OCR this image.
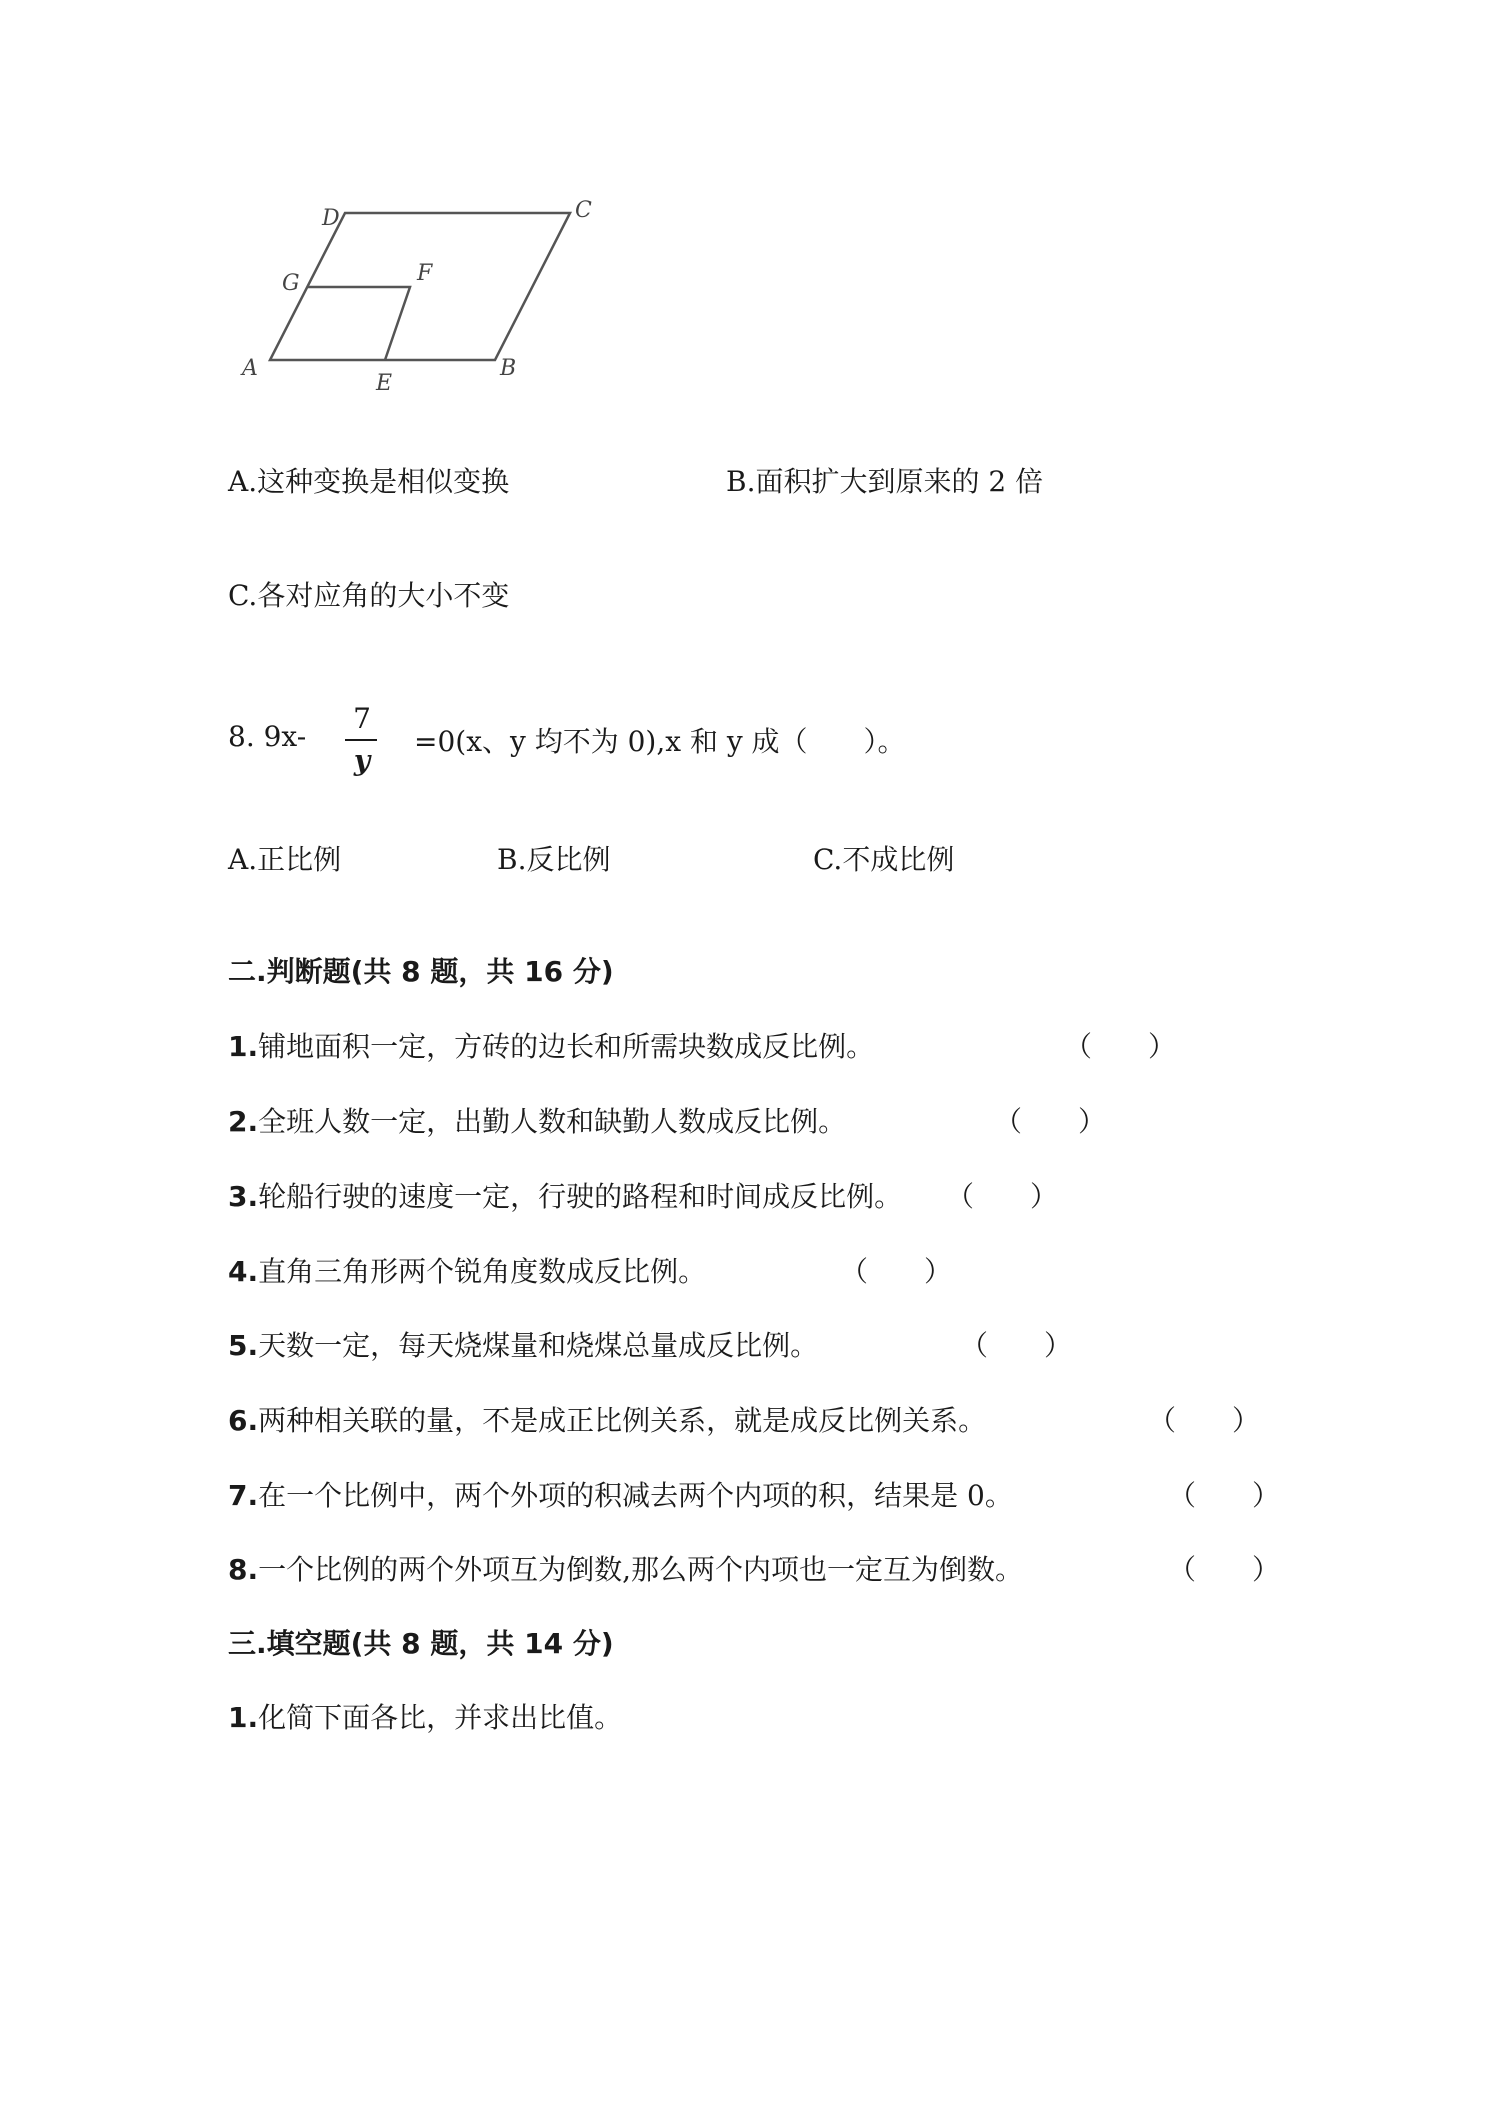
D	C
G	F
A
E
B
A.这种变换是相似变换	B.面积扩大到原来的 2 倍
C.各对应角的大小不变
8. 9x-
7
y
=0(x、y 均不为 0),x 和 y 成（　　）。
A.正比例	B.反比例	C.不成比例
二.判断题(共 8 题，共 16 分)
1.铺地面积一定，方砖的边长和所需块数成反比例。	（　　）
2.全班人数一定，出勤人数和缺勤人数成反比例。	（　　）
3.轮船行驶的速度一定，行驶的路程和时间成反比例。 （　　）
4.直角三角形两个锐角度数成反比例。	（　　）
5.天数一定，每天烧煤量和烧煤总量成反比例。	（　　）
6.两种相关联的量，不是成正比例关系，就是成反比例关系。	（　　）
7.在一个比例中，两个外项的积减去两个内项的积，结果是 0。	（　　）
8.一个比例的两个外项互为倒数,那么两个内项也一定互为倒数。	（　　）
三.填空题(共 8 题，共 14 分)
1.化简下面各比，并求出比值。
